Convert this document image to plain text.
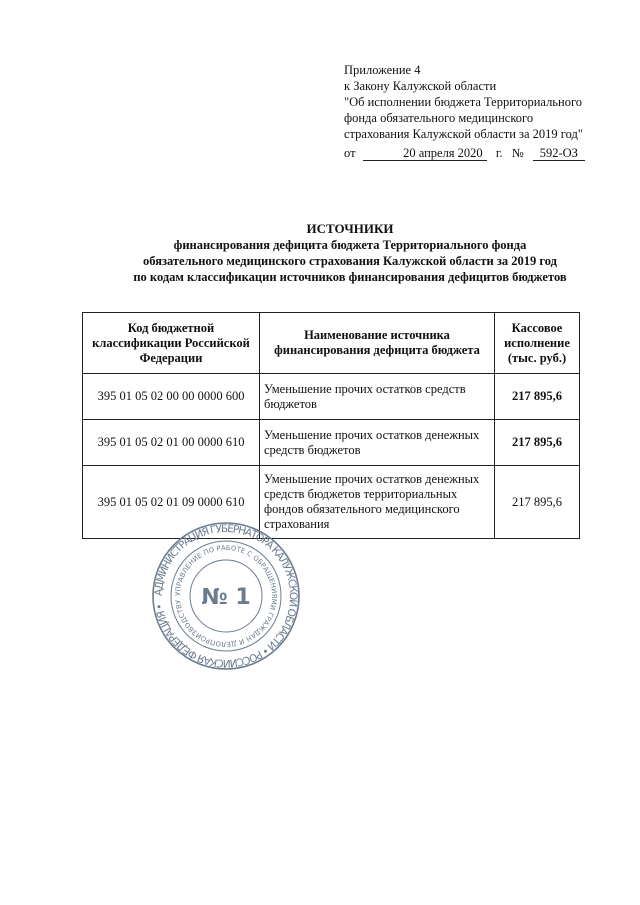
Приложение 4
к Закону Калужской области
"Об исполнении бюджета Территориального
фонда обязательного медицинского
страхования Калужской области за 2019 год"
от	20 апреля 2020 г. № 592-ОЗ
ИСТОЧНИКИ
финансирования дефицита бюджета Территориального фонда
обязательного медицинского страхования Калужской области за 2019 год
по кодам классификации источников финансирования дефицитов бюджетов
Код бюджетной классификации Российской Федерации	Наименование источника финансирования дефицита бюджета	Кассовое исполнение (тыс. руб.)
395 01 05 02 00 00 0000 600	Уменьшение прочих остатков средств бюджетов	217 895,6
395 01 05 02 01 00 0000 610	Уменьшение прочих остатков денежных средств бюджетов	217 895,6
395 01 05 02 01 09 0000 610	Уменьшение прочих остатков денежных средств бюджетов территориальных фондов обязательного медицинского страхования	217 895,6
АДМИНИСТРАЦИЯ ГУБЕРНАТОРА КАЛУЖСКОЙ ОБЛАСТИ • РОССИЙСКАЯ ФЕДЕРАЦИЯ •
УПРАВЛЕНИЕ ПО РАБОТЕ С ОБРАЩЕНИЯМИ ГРАЖДАН И ДЕЛОПРОИЗВОДСТВУ № 1
